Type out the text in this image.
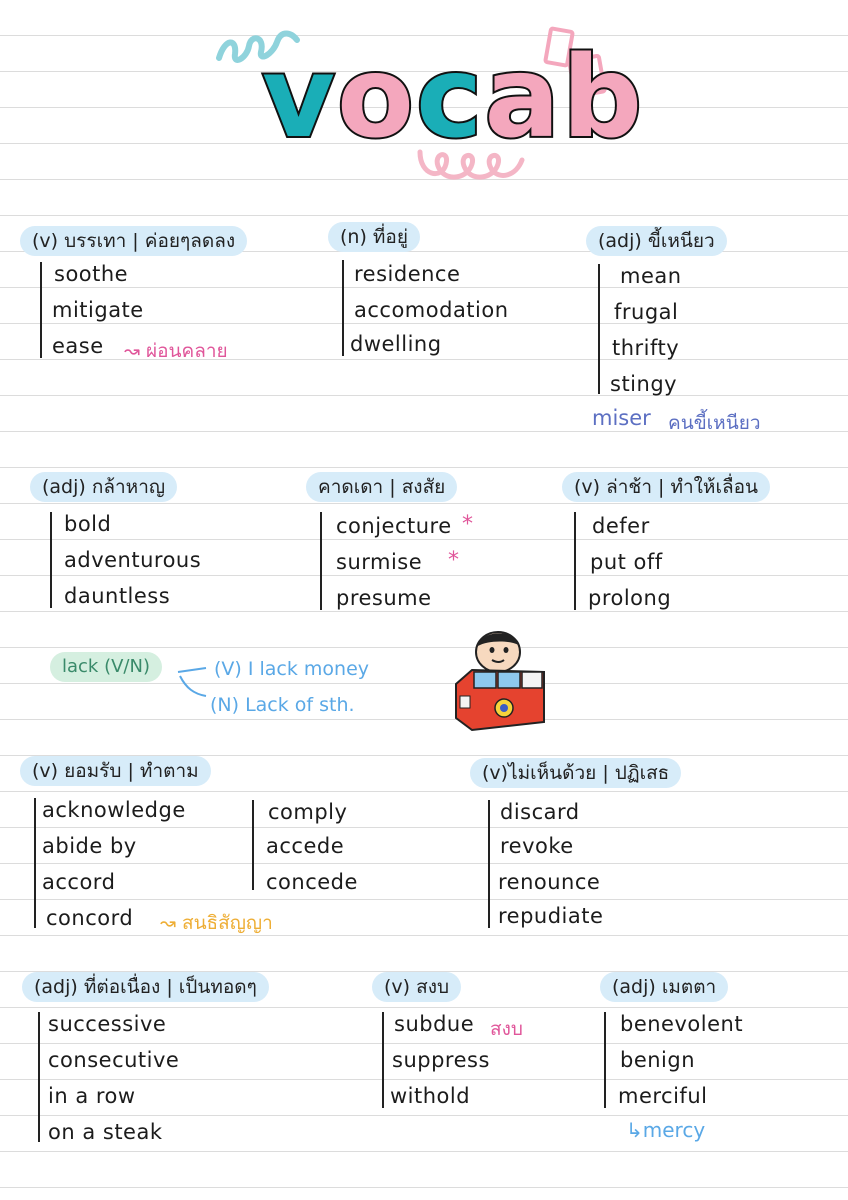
vocab
(v) บรรเทา | ค่อยๆลดลง
soothe
mitigate
ease ↝ ผ่อนคลาย
(n) ที่อยู่
residence
accomodation
dwelling
(adj) ขี้เหนียว
mean
frugal
thrifty
stingy
miser คนขี้เหนียว
(adj) กล้าหาญ
bold
adventurous
dauntless
คาดเดา | สงสัย
conjecture *
surmise *
presume
(v) ล่าช้า | ทำให้เลื่อน
defer
put off
prolong
lack (V/N)	(V) I lack money
(N) Lack of sth.
(v) ยอมรับ | ทำตาม
acknowledge
abide by
accord
concord ↝ สนธิสัญญา
comply
accede
concede
(v)ไม่เห็นด้วย | ปฏิเสธ
discard
revoke
renounce
repudiate
(adj) ที่ต่อเนื่อง | เป็นทอดๆ
successive
consecutive
in a row
on a steak
(v) สงบ
subdue สงบ
suppress
withold
(adj) เมตตา
benevolent
benign
merciful
↳mercy
